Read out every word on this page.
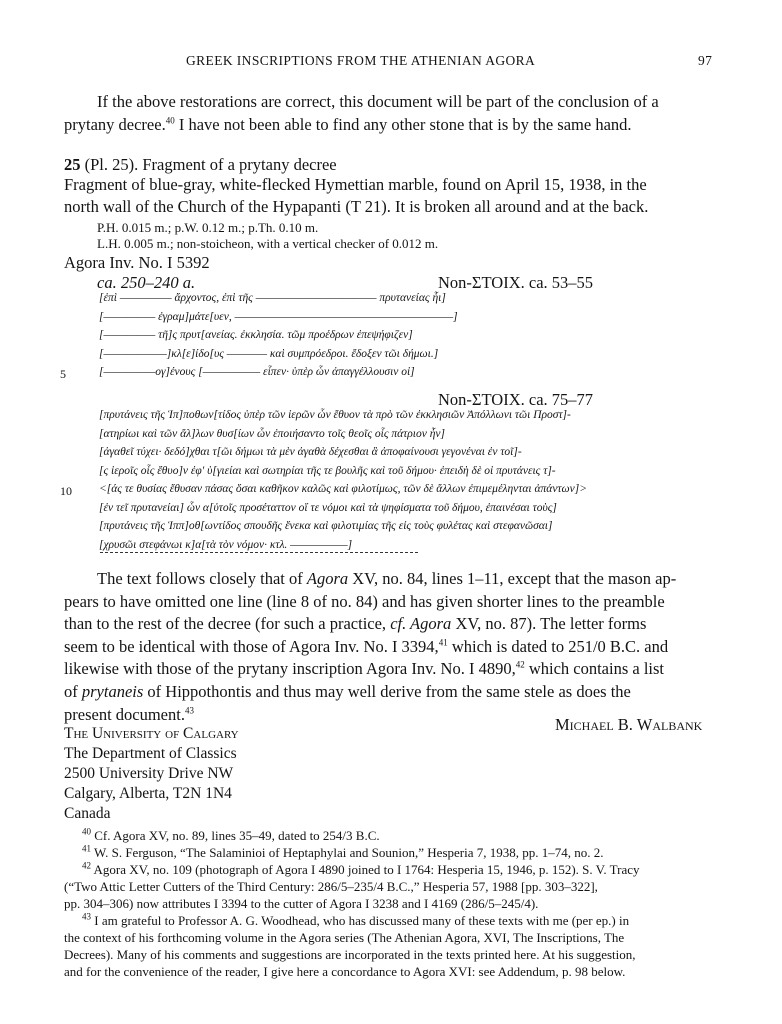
GREEK INSCRIPTIONS FROM THE ATHENIAN AGORA	97
If the above restorations are correct, this document will be part of the conclusion of a
prytany decree.$^{40}$ I have not been able to find any other stone that is by the same hand.
25 (Pl. 25). Fragment of a prytany decree
Fragment of blue-gray, white-flecked Hymettian marble, found on April 15, 1938, in the
north wall of the Church of the Hypapanti (T 21). It is broken all around and at the back.
P.H. 0.015 m.; p.W. 0.12 m.; p.Th. 0.10 m.
L.H. 0.005 m.; non-stoicheon, with a vertical checker of 0.012 m.
Agora Inv. No. I 5392
ca. 250–240 a.	Non-ΣΤΟΙΧ. ca. 53–55
[ἐπὶ ––––––––– ἄρχοντος, ἐπὶ τῆς ––––––––––––––––––––– πρυτανείας ἧι]
[––––––––– ἐγραμ]μάτε[υεν, ––––––––––––––––––––––––––––––––––––––]
[––––––––– τῆ]ς πρυτ[ανείας. ἐκκλησία. τῶμ προέδρων ἐπεψήφιζεν]
[–––––––––––]κλ[ε]ίδο[υς ––––––– καὶ συμπρόεδροι. ἔδοξεν τῶι δήμωι.]
5	[–––––––––ογ]ένους [–––––––––– εἶπεν· ὑπὲρ ὧν ἀπαγγέλλουσιν οἱ]
Non-ΣΤΟΙΧ. ca. 75–77
[πρυτάνεις τῆς Ἱπ]ποθων[τίδος ὑπὲρ τῶν ἱερῶν ὧν ἔθυον τὰ πρὸ τῶν ἐκκλησιῶν Ἀπόλλωνι τῶι Προστ]-
[ατηρίωι καὶ τῶν ἄλ]λων θυσ[ίων ὧν ἐποιήσαντο τοῖς θεοῖς οἷς πάτριον ἦν]
[ἀγαθεῖ τύχει· δεδό]χθαι τ[ῶι δήμωι τὰ μὲν ἀγαθὰ δέχεσθαι ἃ ἀποφαίνουσι γεγονέναι ἐν τοῖ]-
[ς ἱεροῖς οἷς ἔθυο]ν ἐφ' ὑ[γιείαι καὶ σωτηρίαι τῆς τε βουλῆς καὶ τοῦ δήμου· ἐπειδὴ δὲ οἱ πρυτάνεις τ]-
10 <[άς τε θυσίας ἔθυσαν πάσας ὅσαι καθῆκον καλῶς καὶ φιλοτίμως, τῶν δὲ ἄλλων ἐπιμεμέληνται ἁπάντων]>
[ἐν τεῖ πρυτανείαι] ὧν α[ὐτοῖς προσέταττον οἵ τε νόμοι καὶ τὰ ψηφίσματα τοῦ δήμου, ἐπαινέσαι τοὺς]
[πρυτάνεις τῆς Ἱππ]οθ[ωντίδος σπουδῆς ἕνεκα καὶ φιλοτιμίας τῆς εἰς τοὺς φυλέτας καὶ στεφανῶσαι]
[χρυσῶι στεφάνωι κ]α[τὰ τὸν νόμον· κτλ. ––––––––––]
The text follows closely that of Agora XV, no. 84, lines 1–11, except that the mason ap-
pears to have omitted one line (line 8 of no. 84) and has given shorter lines to the preamble
than to the rest of the decree (for such a practice, cf. Agora XV, no. 87). The letter forms
seem to be identical with those of Agora Inv. No. I 3394,41 which is dated to 251/0 B.C. and
likewise with those of the prytany inscription Agora Inv. No. I 4890,42 which contains a list
of prytaneis of Hippothontis and thus may well derive from the same stele as does the
present document.$^{43}$
Michael B. Walbank
The University of Calgary
The Department of Classics
2500 University Drive NW
Calgary, Alberta, T2N 1N4
Canada
$^{40}$ Cf. Agora XV, no. 89, lines 35–49, dated to 254/3 B.C.
$^{41}$ W. S. Ferguson, “The Salaminioi of Heptaphylai and Sounion,” Hesperia 7, 1938, pp. 1–74, no. 2.
$^{42}$ Agora XV, no. 109 (photograph of Agora I 4890 joined to I 1764: Hesperia 15, 1946, p. 152). S. V. Tracy
(“Two Attic Letter Cutters of the Third Century: 286/5–235/4 B.C.,” Hesperia 57, 1988 [pp. 303–322],
pp. 304–306) now attributes I 3394 to the cutter of Agora I 3238 and I 4169 (286/5–245/4).
$^{43}$ I am grateful to Professor A. G. Woodhead, who has discussed many of these texts with me (per ep.) in
the context of his forthcoming volume in the Agora series (The Athenian Agora, XVI, The Inscriptions, The
Decrees). Many of his comments and suggestions are incorporated in the texts printed here. At his suggestion,
and for the convenience of the reader, I give here a concordance to Agora XVI: see Addendum, p. 98 below.
